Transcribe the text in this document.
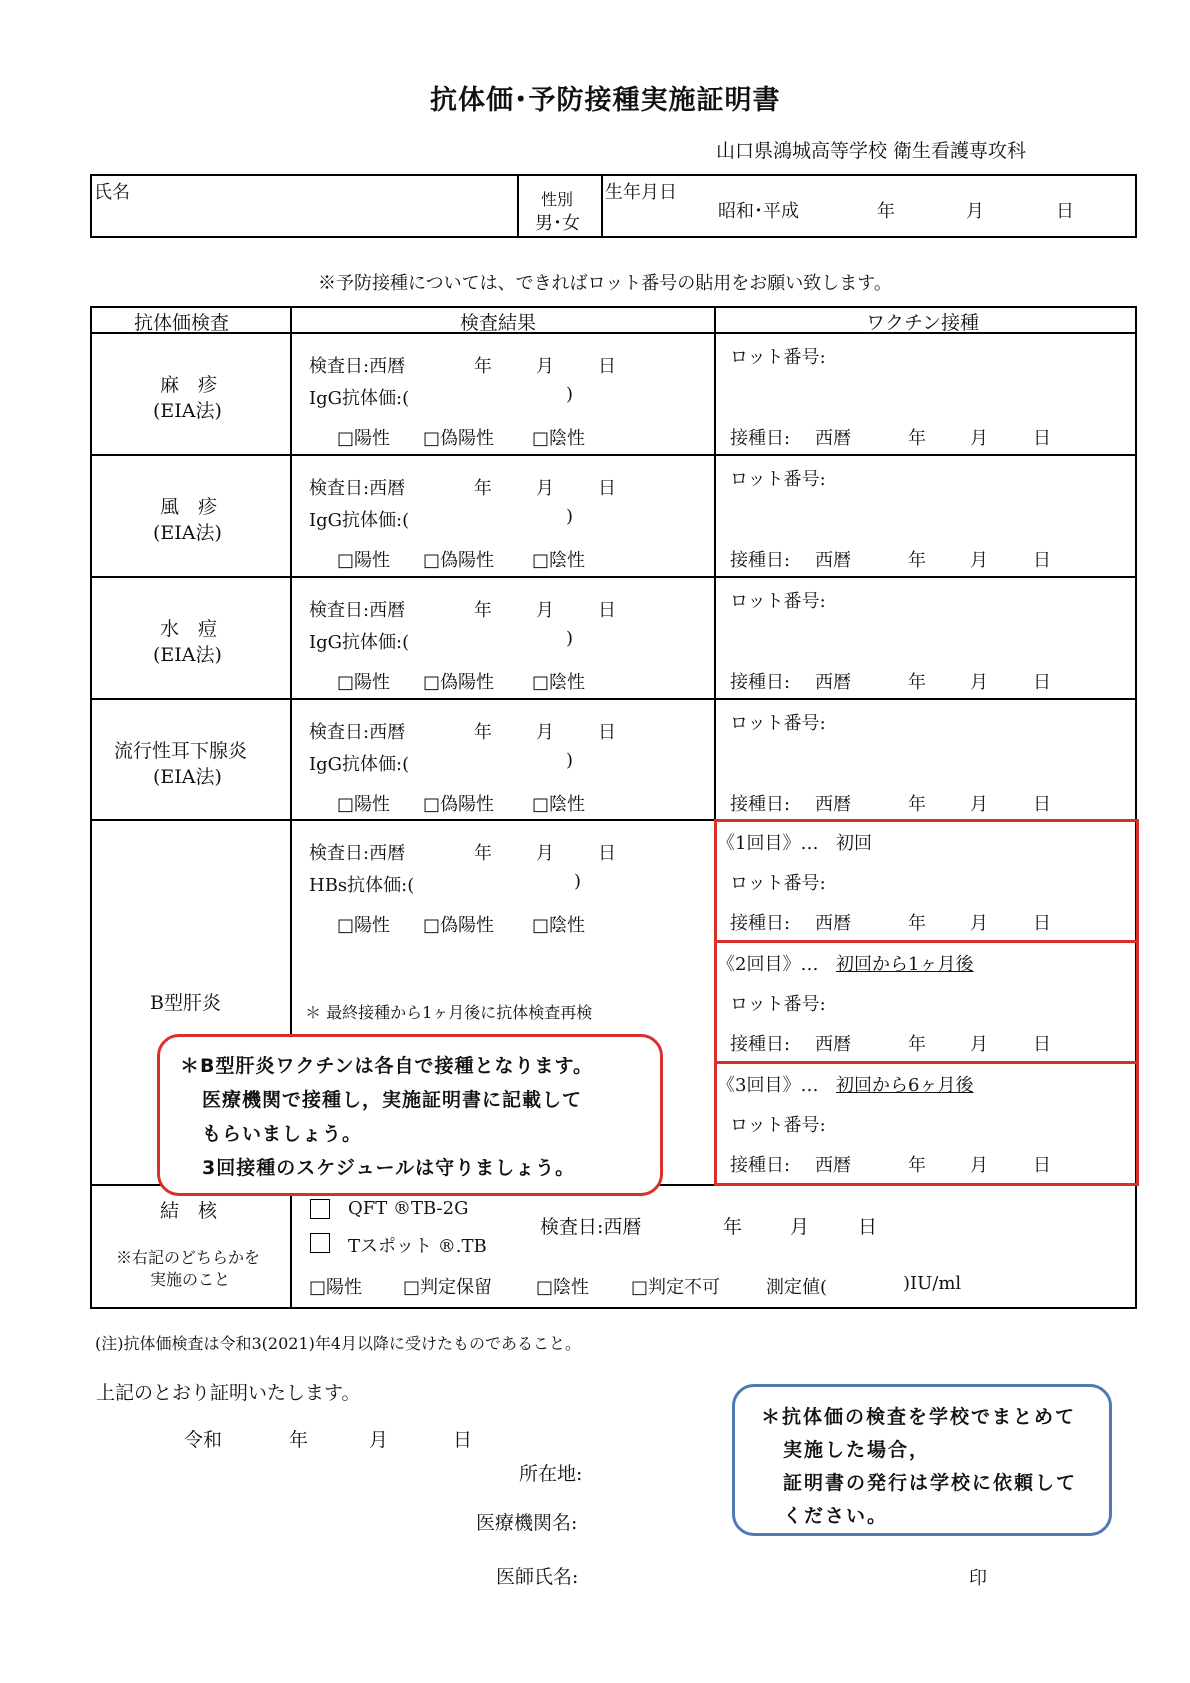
抗体価･予防接種実施証明書
山口県鴻城高等学校 衛生看護専攻科
氏名	性別
男･女
生年月日
昭和･平成	年	月	日
※予防接種については、できればロット番号の貼用をお願い致します。
抗体価検査	検査結果	ワクチン接種
麻　疹
(EIA法)
検査日:西暦	年 月 日
IgG抗体価:(	)
□陽性 □偽陽性 □陰性
ロット番号:
接種日: 西暦	年 月	日
風　疹
(EIA法)
検査日:西暦	年 月 日
IgG抗体価:(	)
□陽性 □偽陽性 □陰性
ロット番号:
接種日: 西暦	年 月	日
水　痘
(EIA法)
検査日:西暦	年 月 日
IgG抗体価:(	)
□陽性 □偽陽性 □陰性
ロット番号:
接種日: 西暦	年 月	日
流行性耳下腺炎
(EIA法)
検査日:西暦	年 月 日
IgG抗体価:(	)
□陽性 □偽陽性 □陰性
ロット番号:
接種日: 西暦	年 月	日
B型肝炎
検査日:西暦	年 月 日
HBs抗体価:(	)
□陽性 □偽陽性 □陰性
＊ 最終接種から1ヶ月後に抗体検査再検
《1回目》… 初回
ロット番号:
接種日: 西暦	年 月	日
《2回目》… 初回から1ヶ月後
ロット番号:
接種日: 西暦	年 月	日
《3回目》… 初回から6ヶ月後
ロット番号:
接種日: 西暦	年 月	日
＊B型肝炎ワクチンは各自で接種となります。
医療機関で接種し，実施証明書に記載して
もらいましょう。
3回接種のスケジュールは守りましょう。
結　核
※右記のどちらかを
実施のこと
QFT ®TB-2G
Tスポット ®.TB
検査日:西暦	年	月	日
□陽性 □判定保留 □陰性 □判定不可	測定値(	)IU/ml
(注)抗体価検査は令和3(2021)年4月以降に受けたものであること。
上記のとおり証明いたします。
令和	年	月	日
所在地:
医療機関名:
医師氏名:	印
＊抗体価の検査を学校でまとめて
実施した場合，
証明書の発行は学校に依頼して
ください。
